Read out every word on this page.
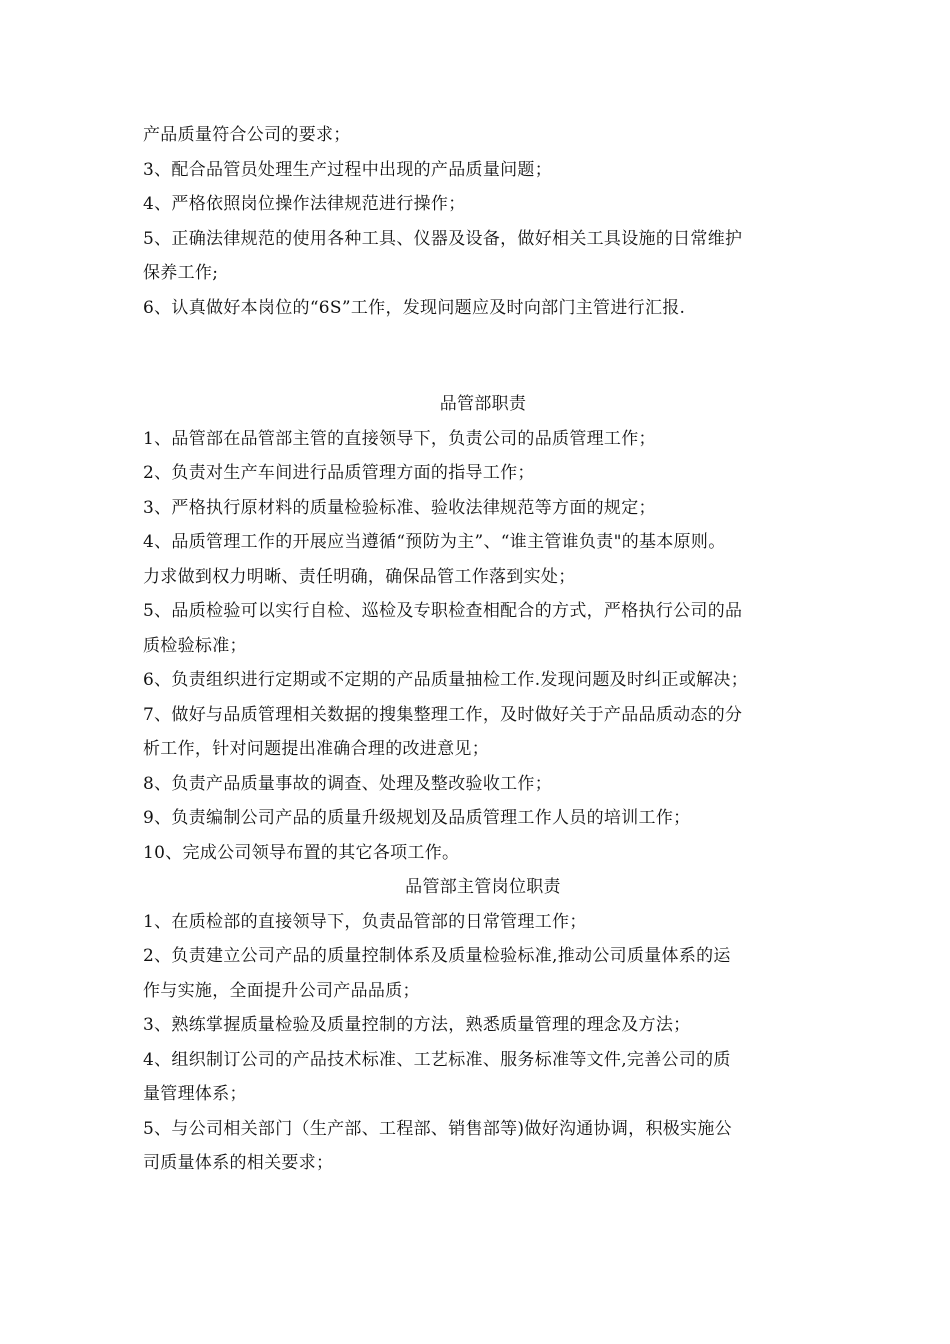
产品质量符合公司的要求；
3、配合品管员处理生产过程中出现的产品质量问题；
4、严格依照岗位操作法律规范进行操作；
5、正确法律规范的使用各种工具、仪器及设备，做好相关工具设施的日常维护
保养工作;
6、认真做好本岗位的“6S”工作，发现问题应及时向部门主管进行汇报.
品管部职责
1、品管部在品管部主管的直接领导下，负责公司的品质管理工作；
2、负责对生产车间进行品质管理方面的指导工作；
3、严格执行原材料的质量检验标准、验收法律规范等方面的规定；
4、品质管理工作的开展应当遵循“预防为主”、“谁主管谁负责"的基本原则。
力求做到权力明晰、责任明确，确保品管工作落到实处；
5、品质检验可以实行自检、巡检及专职检查相配合的方式，严格执行公司的品
质检验标准；
6、负责组织进行定期或不定期的产品质量抽检工作.发现问题及时纠正或解决；
7、做好与品质管理相关数据的搜集整理工作，及时做好关于产品品质动态的分
析工作，针对问题提出准确合理的改进意见；
8、负责产品质量事故的调查、处理及整改验收工作；
9、负责编制公司产品的质量升级规划及品质管理工作人员的培训工作；
10、完成公司领导布置的其它各项工作。
品管部主管岗位职责
1、在质检部的直接领导下，负责品管部的日常管理工作；
2、负责建立公司产品的质量控制体系及质量检验标准,推动公司质量体系的运
作与实施，全面提升公司产品品质；
3、熟练掌握质量检验及质量控制的方法，熟悉质量管理的理念及方法；
4、组织制订公司的产品技术标准、工艺标准、服务标准等文件,完善公司的质
量管理体系；
5、与公司相关部门（生产部、工程部、销售部等)做好沟通协调，积极实施公
司质量体系的相关要求；
